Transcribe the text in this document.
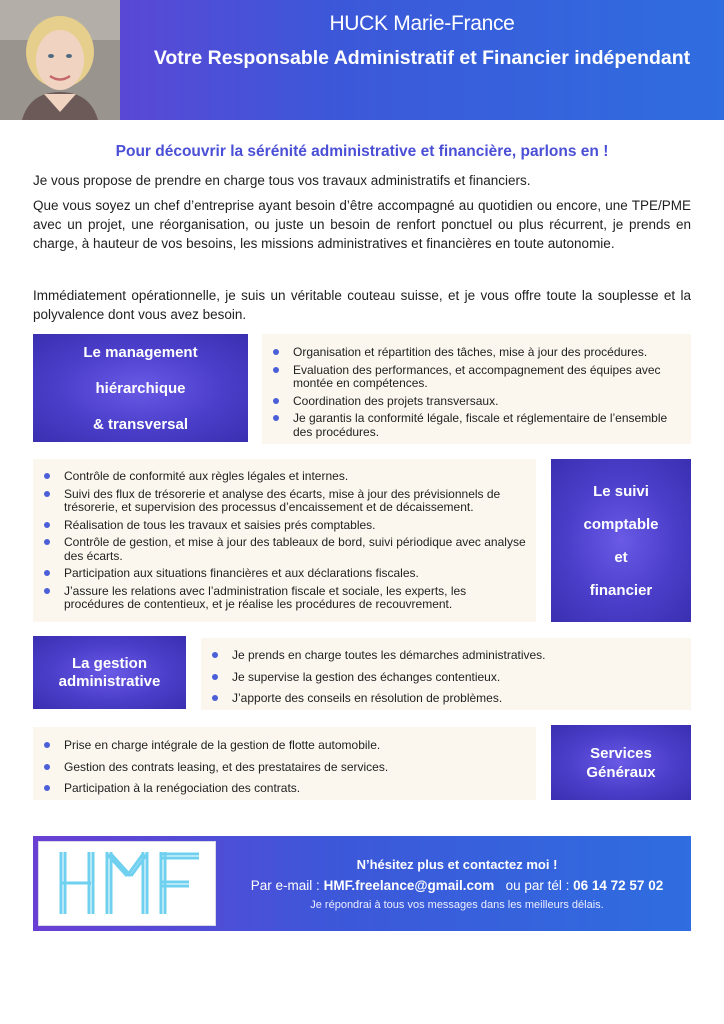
HUCK Marie-France
Votre Responsable Administratif et Financier indépendant
Pour découvrir la sérénité administrative et financière, parlons en !

Je vous propose de prendre en charge tous vos travaux administratifs et financiers.

Que vous soyez un chef d’entreprise ayant besoin d’être accompagné au quotidien ou encore, une TPE/PME avec un projet, une réorganisation, ou juste un besoin de renfort ponctuel ou plus récurrent, je prends en charge, à hauteur de vos besoins, les missions administratives et financières en toute autonomie.

Immédiatement opérationnelle, je suis un véritable couteau suisse, et je vous offre toute la souplesse et la polyvalence dont vous avez besoin.

Le management
hiérarchique
& transversal
Organisation et répartition des tâches, mise à jour des procédures.
Evaluation des performances, et accompagnement des équipes avec montée en compétences.
Coordination des projets transversaux.
Je garantis la conformité légale, fiscale et réglementaire de l’ensemble des procédures.
Contrôle de conformité aux règles légales et internes.
Suivi des flux de trésorerie et analyse des écarts, mise à jour des prévisionnels de trésorerie, et supervision des processus d’encaissement et de décaissement.
Réalisation de tous les travaux et saisies prés comptables.
Contrôle de gestion, et mise à jour des tableaux de bord, suivi périodique avec analyse des écarts.
Participation aux situations financières et aux déclarations fiscales.
J’assure les relations avec l’administration fiscale et sociale, les experts, les procédures de contentieux, et je réalise les procédures de recouvrement.
Le suivi
comptable
et
financier
La gestion
administrative
Je prends en charge toutes les démarches administratives.
Je supervise la gestion des échanges contentieux.
J’apporte des conseils en résolution de problèmes.
Prise en charge intégrale de la gestion de flotte automobile.
Gestion des contrats leasing, et des prestataires de services.
Participation à la renégociation des contrats.
Services
Généraux
N’hésitez plus et contactez moi !
Par e-mail : HMF.freelance@gmail.com ou par tél : 06 14 72 57 02
Je répondrai à tous vos messages dans les meilleurs délais.
